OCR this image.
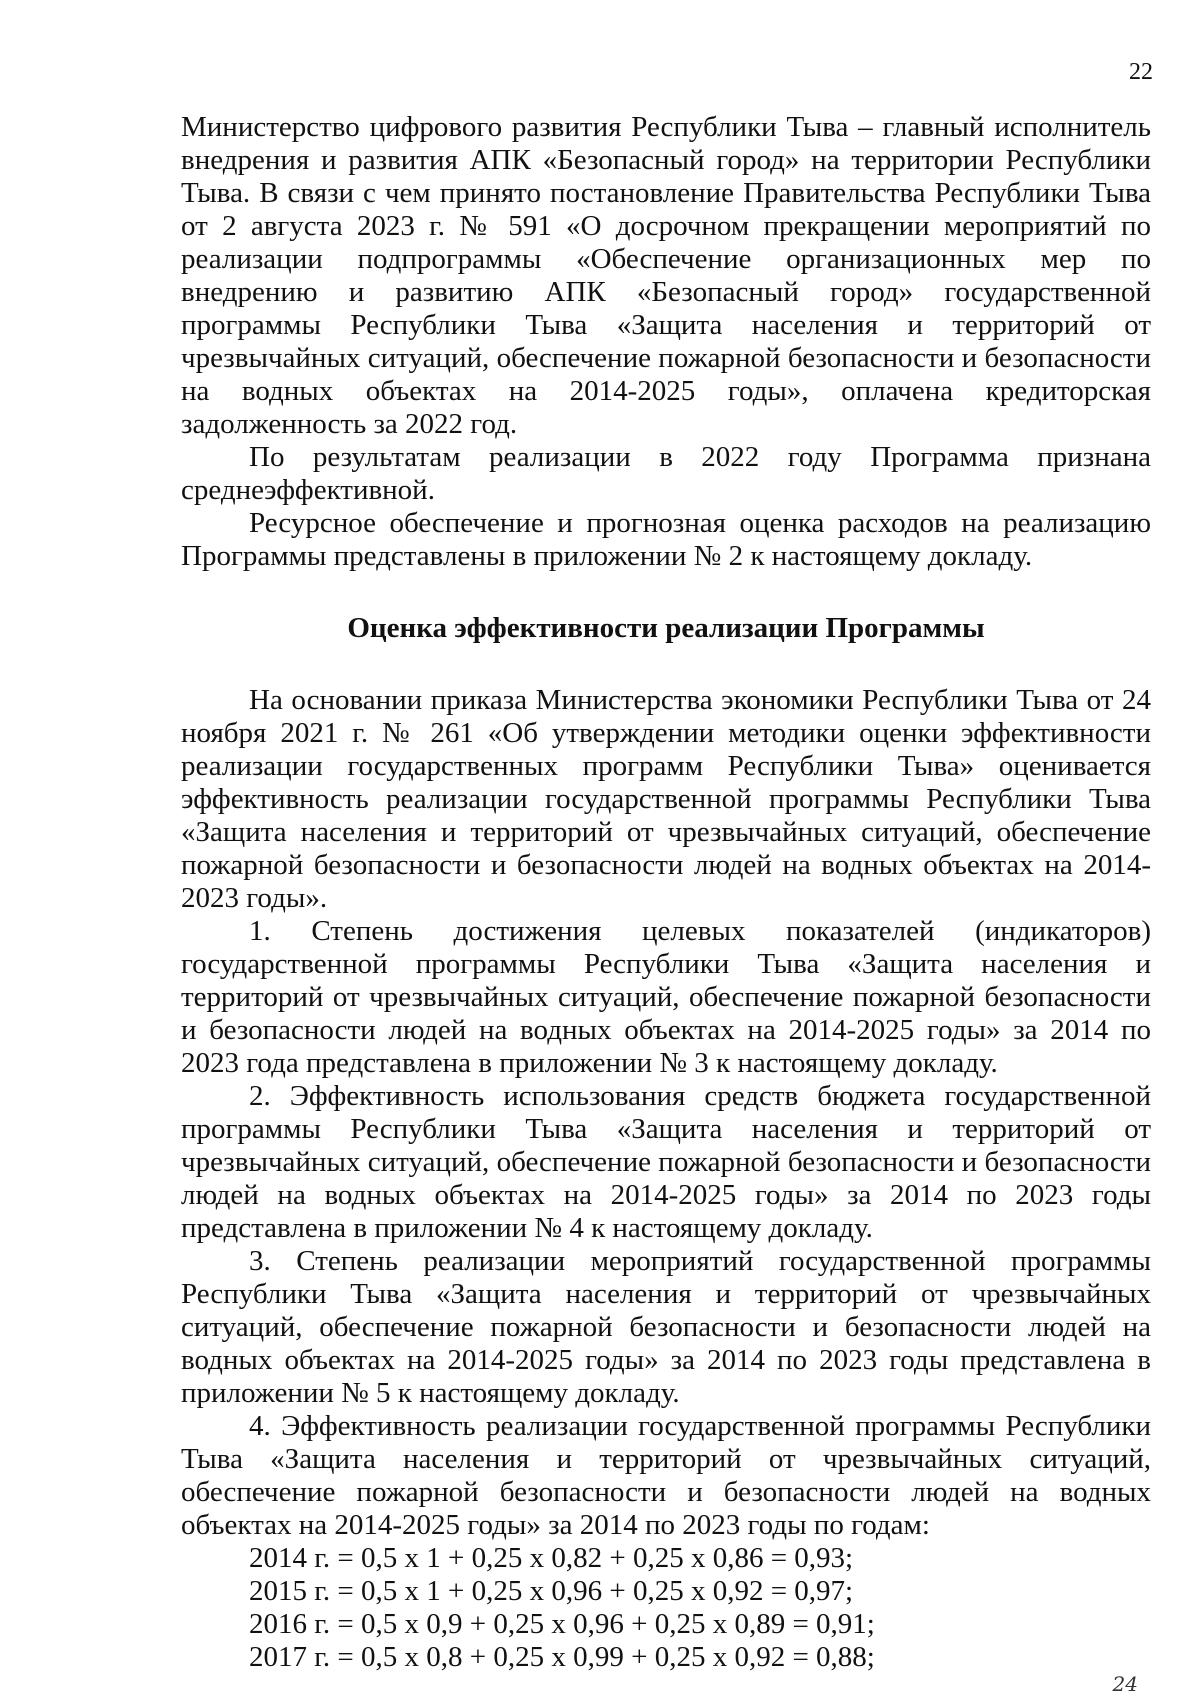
22

Министерство цифрового развития Республики Тыва – главный исполнитель внедрения и развития АПК «Безопасный город» на территории Республики Тыва. В связи с чем принято постановление Правительства Республики Тыва от 2 августа 2023 г. № 591 «О досрочном прекращении мероприятий по реализации подпрограммы «Обеспечение организационных мер по внедрению и развитию АПК «Безопасный город» государственной программы Республики Тыва «Защита населения и территорий от чрезвычайных ситуаций, обеспечение пожарной безопасности и безопасности на водных объектах на 2014-2025 годы», оплачена кредиторская задолженность за 2022 год.

По результатам реализации в 2022 году Программа признана среднеэффективной.

Ресурсное обеспечение и прогнозная оценка расходов на реализацию Программы представлены в приложении № 2 к настоящему докладу.

Оценка эффективности реализации Программы

На основании приказа Министерства экономики Республики Тыва от 24 ноября 2021 г. № 261 «Об утверждении методики оценки эффективности реализации государственных программ Республики Тыва» оценивается эффективность реализации государственной программы Республики Тыва «Защита населения и территорий от чрезвычайных ситуаций, обеспечение пожарной безопасности и безопасности людей на водных объектах на 2014-2023 годы».

1. Степень достижения целевых показателей (индикаторов) государственной программы Республики Тыва «Защита населения и территорий от чрезвычайных ситуаций, обеспечение пожарной безопасности и безопасности людей на водных объектах на 2014-2025 годы» за 2014 по 2023 года представлена в приложении № 3 к настоящему докладу.

2. Эффективность использования средств бюджета государственной программы Республики Тыва «Защита населения и территорий от чрезвычайных ситуаций, обеспечение пожарной безопасности и безопасности людей на водных объектах на 2014-2025 годы» за 2014 по 2023 годы представлена в приложении № 4 к настоящему докладу.

3. Степень реализации мероприятий государственной программы Республики Тыва «Защита населения и территорий от чрезвычайных ситуаций, обеспечение пожарной безопасности и безопасности людей на водных объектах на 2014-2025 годы» за 2014 по 2023 годы представлена в приложении № 5 к настоящему докладу.

4. Эффективность реализации государственной программы Республики Тыва «Защита населения и территорий от чрезвычайных ситуаций, обеспечение пожарной безопасности и безопасности людей на водных объектах на 2014-2025 годы» за 2014 по 2023 годы по годам:

2014 г. = 0,5 х 1 + 0,25 х 0,82 + 0,25 х 0,86 = 0,93;
2015 г. = 0,5 х 1 + 0,25 х 0,96 + 0,25 х 0,92 = 0,97;
2016 г. = 0,5 х 0,9 + 0,25 х 0,96 + 0,25 х 0,89 = 0,91;
2017 г. = 0,5 х 0,8 + 0,25 х 0,99 + 0,25 х 0,92 = 0,88;
24
